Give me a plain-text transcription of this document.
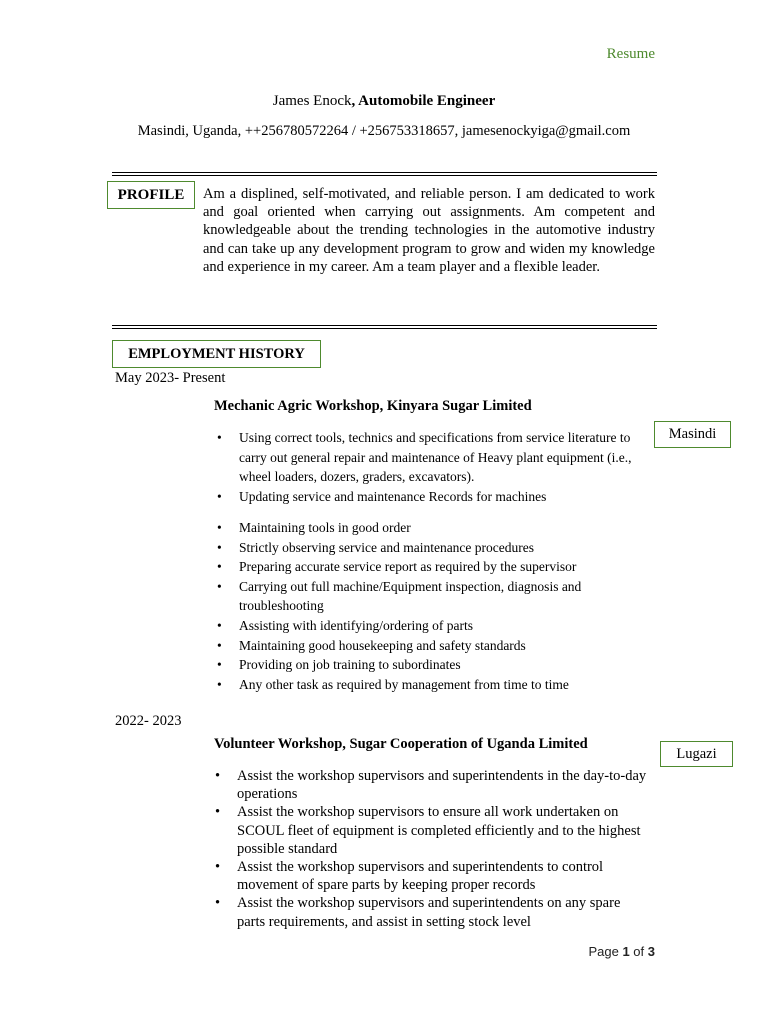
Resume
James Enock, Automobile Engineer
Masindi, Uganda, ++256780572264 / +256753318657, jamesenockyiga@gmail.com
PROFILE	Am a displined, self-motivated, and reliable person. I am dedicated to work and goal oriented when carrying out assignments. Am competent and knowledgeable about the trending technologies in the automotive industry and can take up any development program to grow and widen my knowledge and experience in my career. Am a team player and a flexible leader.
EMPLOYMENT HISTORY
May 2023- Present
Mechanic Agric Workshop, Kinyara Sugar Limited
Masindi
• Using correct tools, technics and specifications from service literature to carry out general repair and maintenance of Heavy plant equipment (i.e., wheel loaders, dozers, graders, excavators).
• Updating service and maintenance Records for machines
• Maintaining tools in good order
• Strictly observing service and maintenance procedures
• Preparing accurate service report as required by the supervisor
• Carrying out full machine/Equipment inspection, diagnosis and troubleshooting
• Assisting with identifying/ordering of parts
• Maintaining good housekeeping and safety standards
• Providing on job training to subordinates
• Any other task as required by management from time to time
2022- 2023
Volunteer Workshop, Sugar Cooperation of Uganda Limited
Lugazi
• Assist the workshop supervisors and superintendents in the day-to-day operations
• Assist the workshop supervisors to ensure all work undertaken on SCOUL fleet of equipment is completed efficiently and to the highest possible standard
• Assist the workshop supervisors and superintendents to control movement of spare parts by keeping proper records
• Assist the workshop supervisors and superintendents on any spare parts requirements, and assist in setting stock level
Page 1 of 3
